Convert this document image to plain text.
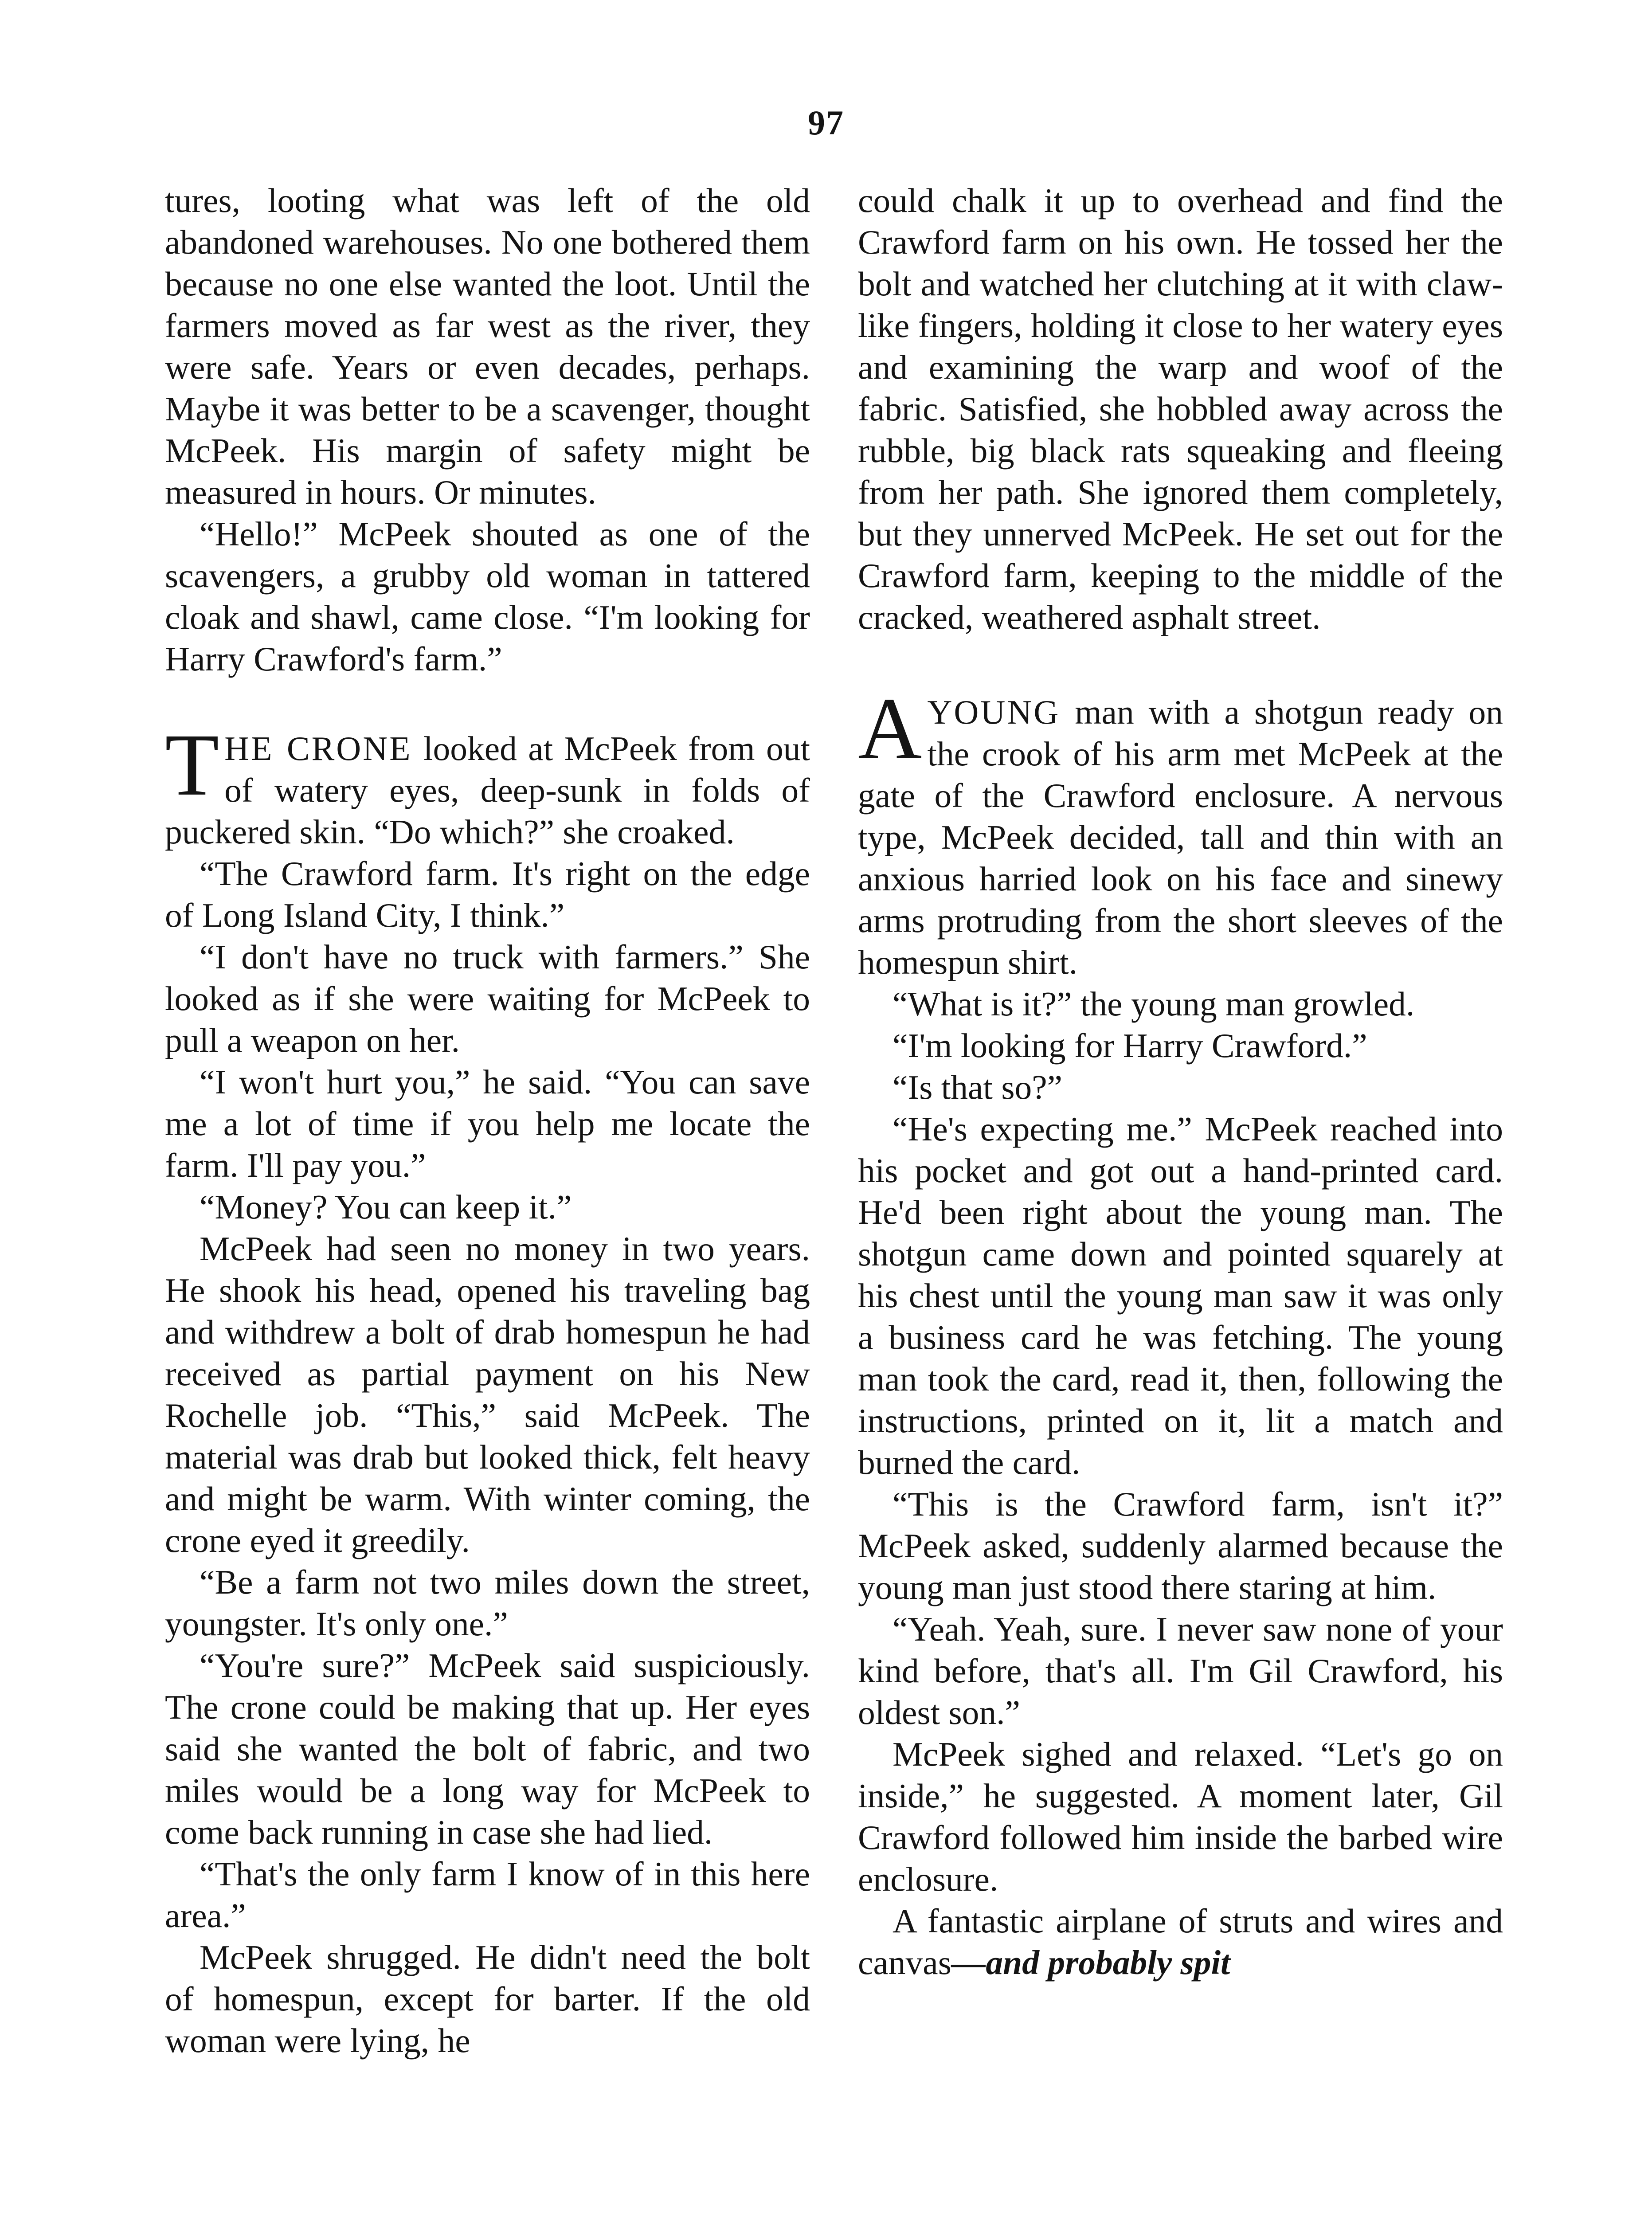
97

tures, looting what was left of the old abandoned warehouses. No one bothered them because no one else wanted the loot. Until the farmers moved as far west as the river, they were safe. Years or even decades, perhaps. Maybe it was better to be a scavenger, thought McPeek. His margin of safety might be measured in hours. Or minutes.

“Hello!” McPeek shouted as one of the scavengers, a grubby old woman in tattered cloak and shawl, came close. “I'm looking for Harry Crawford's farm.”

THE CRONE looked at McPeek from out of watery eyes, deep-sunk in folds of puckered skin. “Do which?” she croaked.

“The Crawford farm. It's right on the edge of Long Island City, I think.”

“I don't have no truck with farmers.” She looked as if she were waiting for McPeek to pull a weapon on her.

“I won't hurt you,” he said. “You can save me a lot of time if you help me locate the farm. I'll pay you.”

“Money? You can keep it.”

McPeek had seen no money in two years. He shook his head, opened his traveling bag and withdrew a bolt of drab homespun he had received as partial payment on his New Rochelle job. “This,” said McPeek. The material was drab but looked thick, felt heavy and might be warm. With winter coming, the crone eyed it greedily.

“Be a farm not two miles down the street, youngster. It's only one.”

“You're sure?” McPeek said suspiciously. The crone could be making that up. Her eyes said she wanted the bolt of fabric, and two miles would be a long way for McPeek to come back running in case she had lied.

“That's the only farm I know of in this here area.”

McPeek shrugged. He didn't need the bolt of homespun, except for barter. If the old woman were lying, he

could chalk it up to overhead and find the Crawford farm on his own. He tossed her the bolt and watched her clutching at it with claw-like fingers, holding it close to her watery eyes and examining the warp and woof of the fabric. Satisfied, she hobbled away across the rubble, big black rats squeaking and fleeing from her path. She ignored them completely, but they unnerved McPeek. He set out for the Crawford farm, keeping to the middle of the cracked, weathered asphalt street.

AYOUNG man with a shotgun ready on the crook of his arm met McPeek at the gate of the Crawford enclosure. A nervous type, McPeek decided, tall and thin with an anxious harried look on his face and sinewy arms protruding from the short sleeves of the homespun shirt.

“What is it?” the young man growled.

“I'm looking for Harry Crawford.”

“Is that so?”

“He's expecting me.” McPeek reached into his pocket and got out a hand-printed card. He'd been right about the young man. The shotgun came down and pointed squarely at his chest until the young man saw it was only a business card he was fetching. The young man took the card, read it, then, following the instructions, printed on it, lit a match and burned the card.

“This is the Crawford farm, isn't it?” McPeek asked, suddenly alarmed because the young man just stood there staring at him.

“Yeah. Yeah, sure. I never saw none of your kind before, that's all. I'm Gil Crawford, his oldest son.”

McPeek sighed and relaxed. “Let's go on inside,” he suggested. A moment later, Gil Crawford followed him inside the barbed wire enclosure.

A fantastic airplane of struts and wires and canvas—and probably spit
